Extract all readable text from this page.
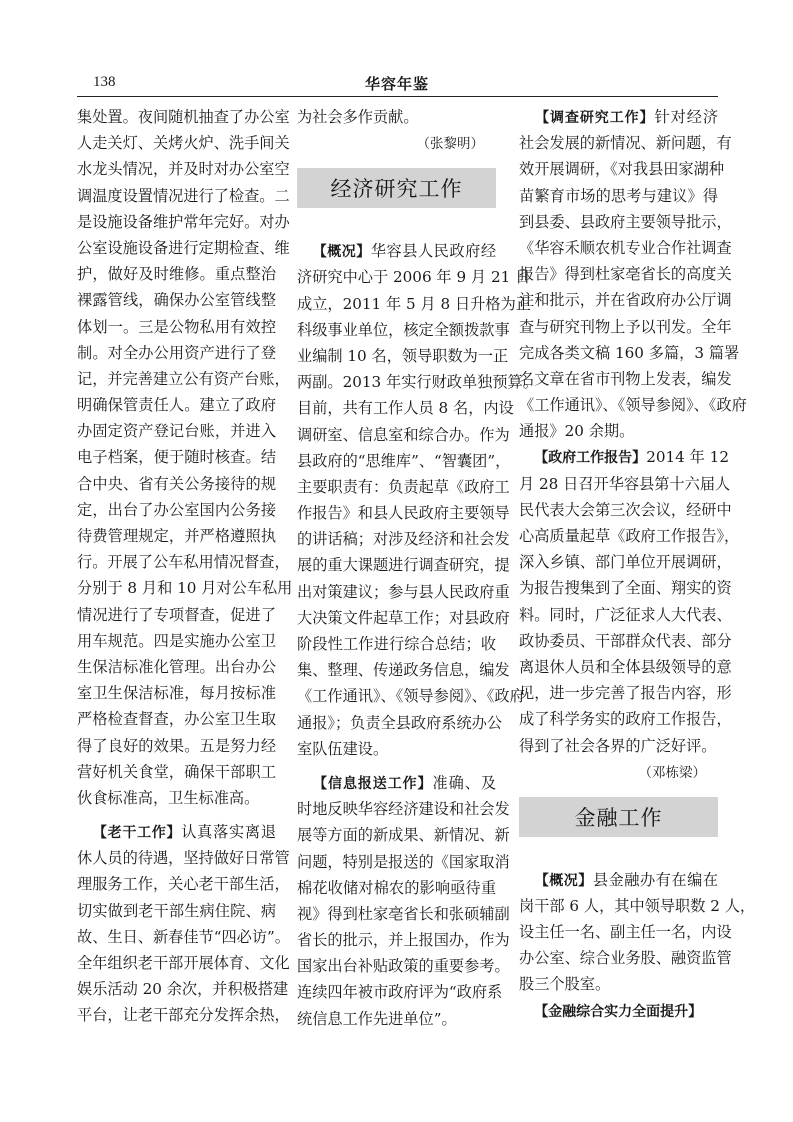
138	华容年鉴
集处置。夜间随机抽查了办公室
人走关灯、关烤火炉、洗手间关
水龙头情况，并及时对办公室空
调温度设置情况进行了检查。二
是设施设备维护常年完好。对办
公室设施设备进行定期检查、维
护，做好及时维修。重点整治
裸露管线，确保办公室管线整
体划一。三是公物私用有效控
制。对全办公用资产进行了登
记，并完善建立公有资产台账，
明确保管责任人。建立了政府
办固定资产登记台账，并进入
电子档案，便于随时核查。结
合中央、省有关公务接待的规
定，出台了办公室国内公务接
待费管理规定，并严格遵照执
行。开展了公车私用情况督查，
分别于 8 月和 10 月对公车私用
情况进行了专项督查，促进了
用车规范。四是实施办公室卫
生保洁标准化管理。出台办公
室卫生保洁标准，每月按标准
严格检查督查，办公室卫生取
得了良好的效果。五是努力经
营好机关食堂，确保干部职工
伙食标准高，卫生标准高。
 【老干工作】认真落实离退
休人员的待遇，坚持做好日常管
理服务工作，关心老干部生活，
切实做到老干部生病住院、病
故、生日、新春佳节“四必访”。
全年组织老干部开展体育、文化
娱乐活动 20 余次，并积极搭建
平台，让老干部充分发挥余热，
为社会多作贡献。
（张黎明）
经济研究工作
 【概况】华容县人民政府经
济研究中心于 2006 年 9 月 21 日
成立，2011 年 5 月 8 日升格为正
科级事业单位，核定全额拨款事
业编制 10 名，领导职数为一正
两副。2013 年实行财政单独预算。
目前，共有工作人员 8 名，内设
调研室、信息室和综合办。作为
县政府的“思维库”、“智囊团”，
主要职责有：负责起草《政府工
作报告》和县人民政府主要领导
的讲话稿；对涉及经济和社会发
展的重大课题进行调查研究，提
出对策建议；参与县人民政府重
大决策文件起草工作；对县政府
阶段性工作进行综合总结；收
集、整理、传递政务信息，编发
《工作通讯》、《领导参阅》、《政府
通报》；负责全县政府系统办公
室队伍建设。
 【信息报送工作】准确、及
时地反映华容经济建设和社会发
展等方面的新成果、新情况、新
问题，特别是报送的《国家取消
棉花收储对棉农的影响亟待重
视》得到杜家亳省长和张硕辅副
省长的批示，并上报国办，作为
国家出台补贴政策的重要参考。
连续四年被市政府评为“政府系
统信息工作先进单位”。
 【调查研究工作】针对经济
社会发展的新情况、新问题，有
效开展调研，《对我县田家湖种
苗繁育市场的思考与建议》得
到县委、县政府主要领导批示，
《华容禾顺农机专业合作社调查
报告》得到杜家亳省长的高度关
注和批示，并在省政府办公厅调
查与研究刊物上予以刊发。全年
完成各类文稿 160 多篇，3 篇署
名文章在省市刊物上发表，编发
《工作通讯》、《领导参阅》、《政府
通报》20 余期。
 【政府工作报告】2014 年 12
月 28 日召开华容县第十六届人
民代表大会第三次会议，经研中
心高质量起草《政府工作报告》，
深入乡镇、部门单位开展调研，
为报告搜集到了全面、翔实的资
料。同时，广泛征求人大代表、
政协委员、干部群众代表、部分
离退休人员和全体县级领导的意
见，进一步完善了报告内容，形
成了科学务实的政府工作报告，
得到了社会各界的广泛好评。
（邓栋梁）
金融工作
 【概况】县金融办有在编在
岗干部 6 人，其中领导职数 2 人，
设主任一名、副主任一名，内设
办公室、综合业务股、融资监管
股三个股室。
 【金融综合实力全面提升】
